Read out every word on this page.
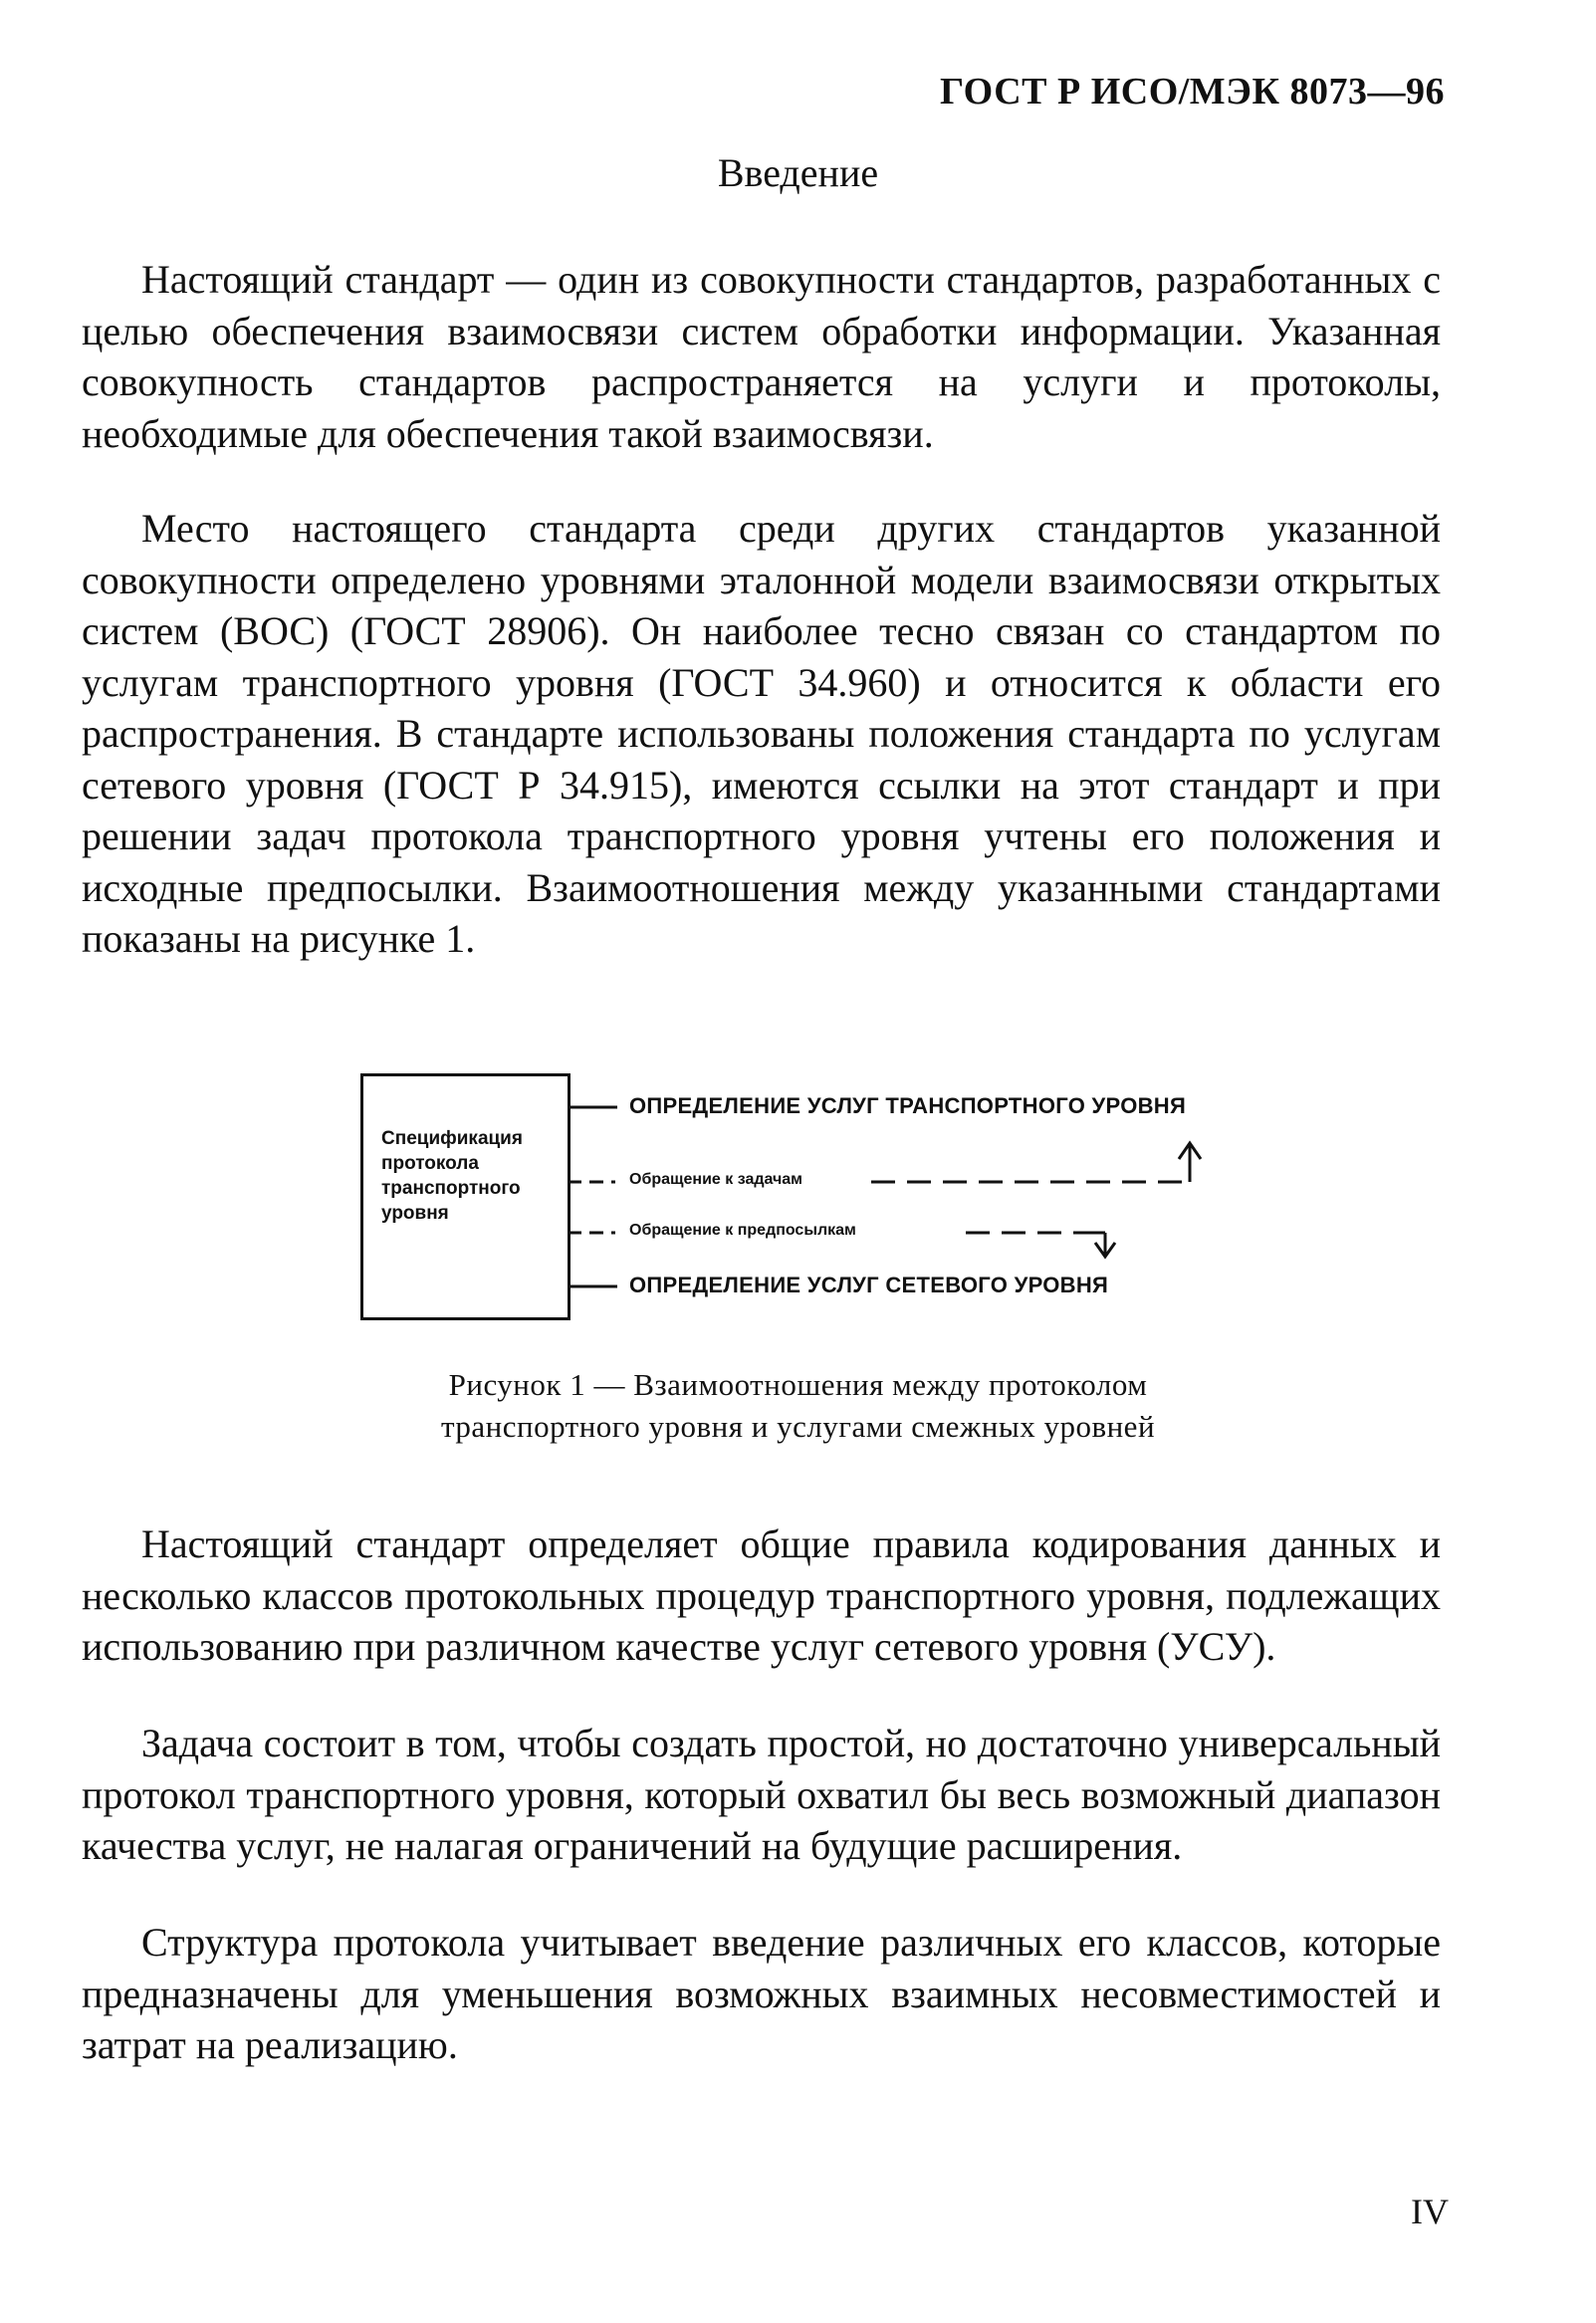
ГОСТ Р ИСО/МЭК 8073—96
Введение

Настоящий стандарт — один из совокупности стандартов, разработанных с целью обеспечения взаимосвязи систем обработки информации. Указанная совокупность стандартов распространяется на услуги и протоколы, необходимые для обеспечения такой взаимосвязи.

Место настоящего стандарта среди других стандартов указанной совокупности определено уровнями эталонной модели взаимосвязи открытых систем (ВОС) (ГОСТ 28906). Он наиболее тесно связан со стандартом по услугам транспортного уровня (ГОСТ 34.960) и относится к области его распространения. В стандарте использованы положения стандарта по услугам сетевого уровня (ГОСТ Р 34.915), имеются ссылки на этот стандарт и при решении задач протокола транспортного уровня учтены его положения и исходные предпосылки. Взаимоотношения между указанными стандартами показаны на рисунке 1.

Спецификация
протокола
транспортного
уровня
ОПРЕДЕЛЕНИЕ УСЛУГ ТРАНСПОРТНОГО УРОВНЯ
Обращение к задачам
Обращение к предпосылкам
ОПРЕДЕЛЕНИЕ УСЛУГ СЕТЕВОГО УРОВНЯ
Рисунок 1 — Взаимоотношения между протоколом
транспортного уровня и услугами смежных уровней

Настоящий стандарт определяет общие правила кодирования данных и несколько классов протокольных процедур транспортного уровня, подлежащих использованию при различном качестве услуг сетевого уровня (УСУ).

Задача состоит в том, чтобы создать простой, но достаточно универсальный протокол транспортного уровня, который охватил бы весь возможный диапазон качества услуг, не налагая ограничений на будущие расширения.

Структура протокола учитывает введение различных его классов, которые предназначены для уменьшения возможных взаимных несовместимостей и затрат на реализацию.

IV
